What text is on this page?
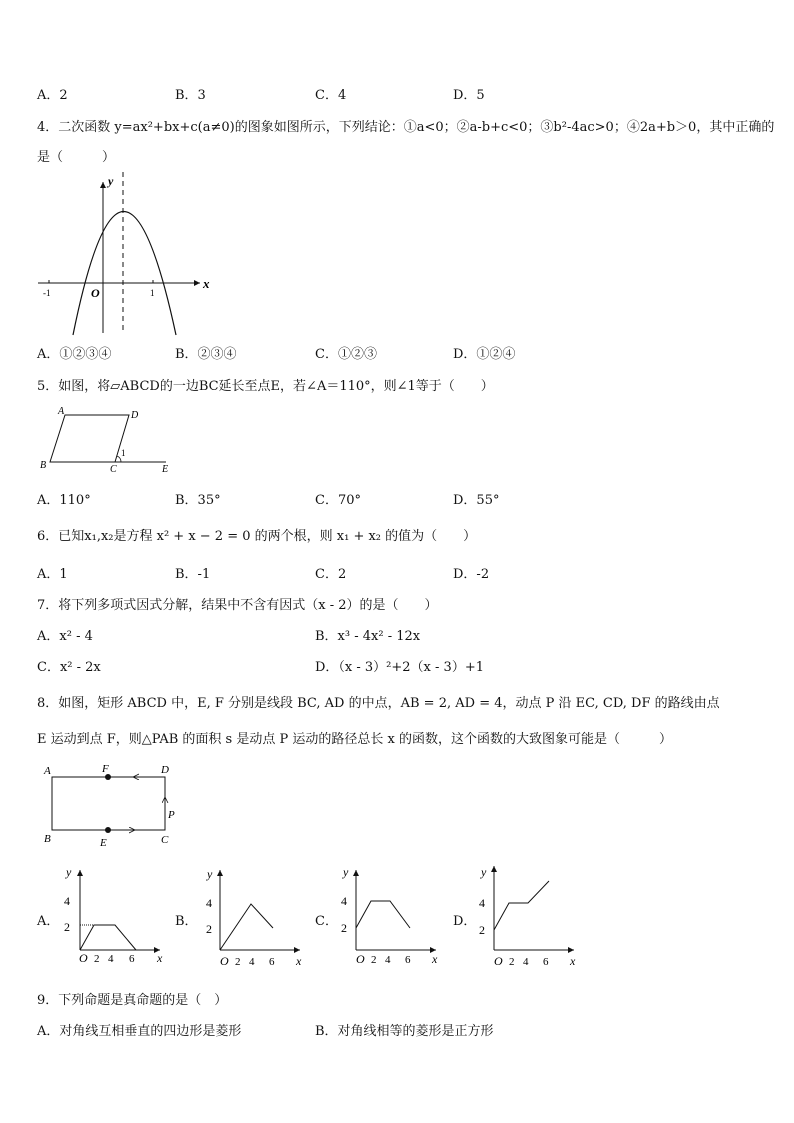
A．2	B．3	C．4	D．5
4．二次函数 y=ax²+bx+c(a≠0)的图象如图所示，下列结论：①a<0；②a-b+c<0；③b²-4ac>0；④2a+b＞0，其中正确的
是（　　　）
y
x
O
-1	1
A．①②③④	B．②③④	C．①②③	D．①②④
5．如图，将▱ABCD的一边BC延长至点E，若∠A＝110°，则∠1等于（　　）
A	D
B	C
1
E
A．110°	B．35°	C．70°	D．55°
6．已知x₁,x₂是方程 x² + x − 2 = 0 的两个根，则 x₁ + x₂ 的值为（　　）
A．1	B．-1	C．2	D．-2
7．将下列多项式因式分解，结果中不含有因式（x - 2）的是（　　）
A．x² - 4	B．x³ - 4x² - 12x
C．x² - 2x	D．（x - 3）²+2（x - 3）+1
8．如图，矩形 ABCD 中，E, F 分别是线段 BC, AD 的中点，AB = 2, AD = 4，动点 P 沿 EC, CD, DF 的路线由点
E 运动到点 F，则△PAB 的面积 s 是动点 P 运动的路径总长 x 的函数，这个函数的大致图象可能是（　　　）
A	F	D
P
B	E	C
A．	B．	C．	D．
y
4
2
O 2 4 6 x
y
4
2
O 2 4 6 x
y
4
2
O 2 4 6 x
y
4
2
O 2 4 6 x
9．下列命题是真命题的是（　）
A．对角线互相垂直的四边形是菱形	B．对角线相等的菱形是正方形
